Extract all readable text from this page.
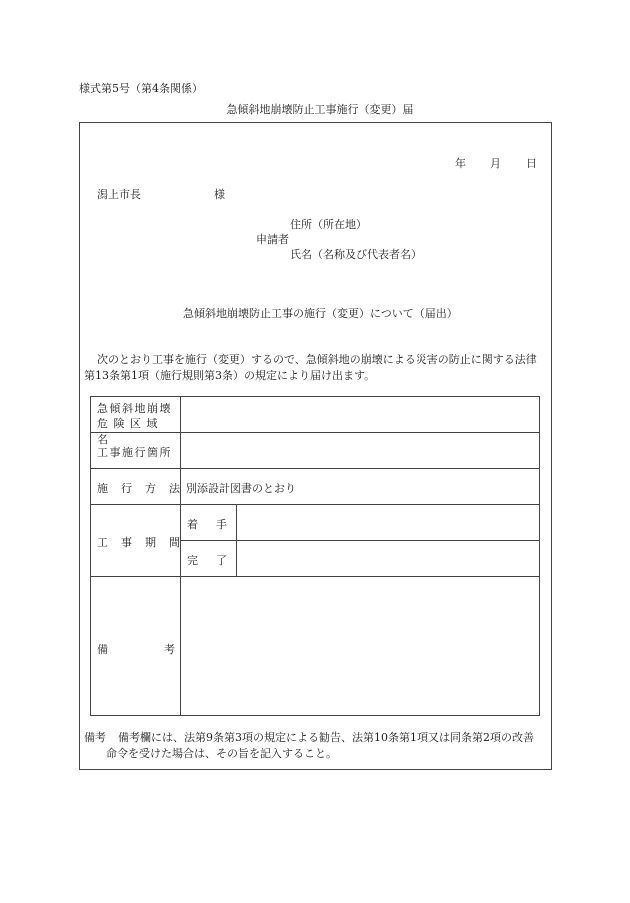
様式第5号（第4条関係）
急傾斜地崩壊防止工事施行（変更）届
年 月 日
潟上市長	様
住所（所在地）
申請者
氏名（名称及び代表者名）
急傾斜地崩壊防止工事の施行（変更）について（届出）
次のとおり工事を施行（変更）するので、急傾斜地の崩壊による災害の防止に関する法律
第13条第1項（施行規則第3条）の規定により届け出ます。
急傾斜地崩壊
危険区域名
工事施行箇所
施行方法
別添設計図書のとおり
工事期間
着手
完了
備考
備考 備考欄には、法第9条第3項の規定による勧告、法第10条第1項又は同条第2項の改善
命令を受けた場合は、その旨を記入すること。
